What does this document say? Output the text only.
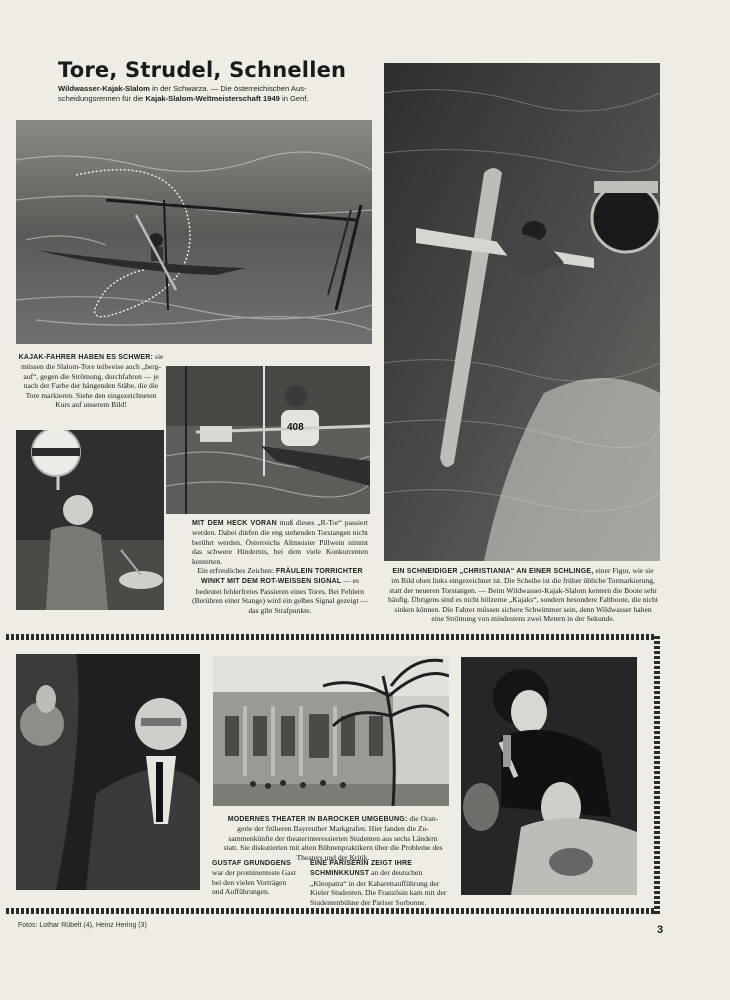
Tore, Strudel, Schnellen
Wildwasser-Kajak-Slalom in der Schwarza. — Die österreichischen Ausscheidungsrennen für die Kajak-Slalom-Weltmeisterschaft 1949 in Genf.
KAJAK-FAHRER HABEN ES SCHWER: sie müssen die Slalom-Tore teilweise auch „bergauf“, gegen die Strömung, durchfahren — je nach der Farbe der hängenden Stäbe, die die Tore markieren. Siehe den eingezeichneten Kurs auf unserem Bild!
408
MIT DEM HECK VORAN muß dieses „R-Tor“ passiert werden. Dabei dürfen die eng stehenden Torstangen nicht berührt werden. Österreichs Altmeister Pillwein nimmt das schwere Hindernis, bei dem viele Konkurrenten kenterten.
Ein erfreuliches Zeichen: FRÄULEIN TORRICHTER WINKT MIT DEM ROT-WEISSEN SIGNAL — es bedeutet fehlerfreies Passieren eines Tores. Bei Fehlern (Berühren einer Stange) wird ein gelbes Signal gezeigt — das gibt Strafpunkte.
EIN SCHNEIDIGER „CHRISTIANIA“ AN EINER SCHLINGE, einer Figur, wie sie im Bild oben links eingezeichnet ist. Die Scheibe ist die früher übliche Tormarkierung, statt der neueren Torstangen. — Beim Wildwasser-Kajak-Slalom kentern die Boote sehr häufig. Übrigens sind es nicht hölzerne „Kajaks“, sondern besondere Faltboote, die nicht sinken können. Die Fahrer müssen sichere Schwimmer sein, denn Wildwasser haben eine Strömung von mindestens zwei Metern in der Sekunde.
MODERNES THEATER IN BAROCKER UMGEBUNG: die Orangerie der früheren Bayreuther Markgrafen. Hier fanden die Zusammenkünfte der theaterinteressierten Studenten aus sechs Ländern statt. Sie diskutierten mit alten Bühnenpraktikern über die Probleme des Theaters und der Kritik.
GUSTAF GRUNDGENS war der prominenteste Gast bei den vielen Vorträgen und Aufführungen.
EINE PARISERIN ZEIGT IHRE SCHMINKKUNST an der deutschen „Kleopatra“ in der Kabarettaufführung der Kieler Studenten. Die Französin kam mit der Studentenbühne der Pariser Sorbonne.
Fotos: Lothar Rübelt (4), Heinz Hering (3)	3
